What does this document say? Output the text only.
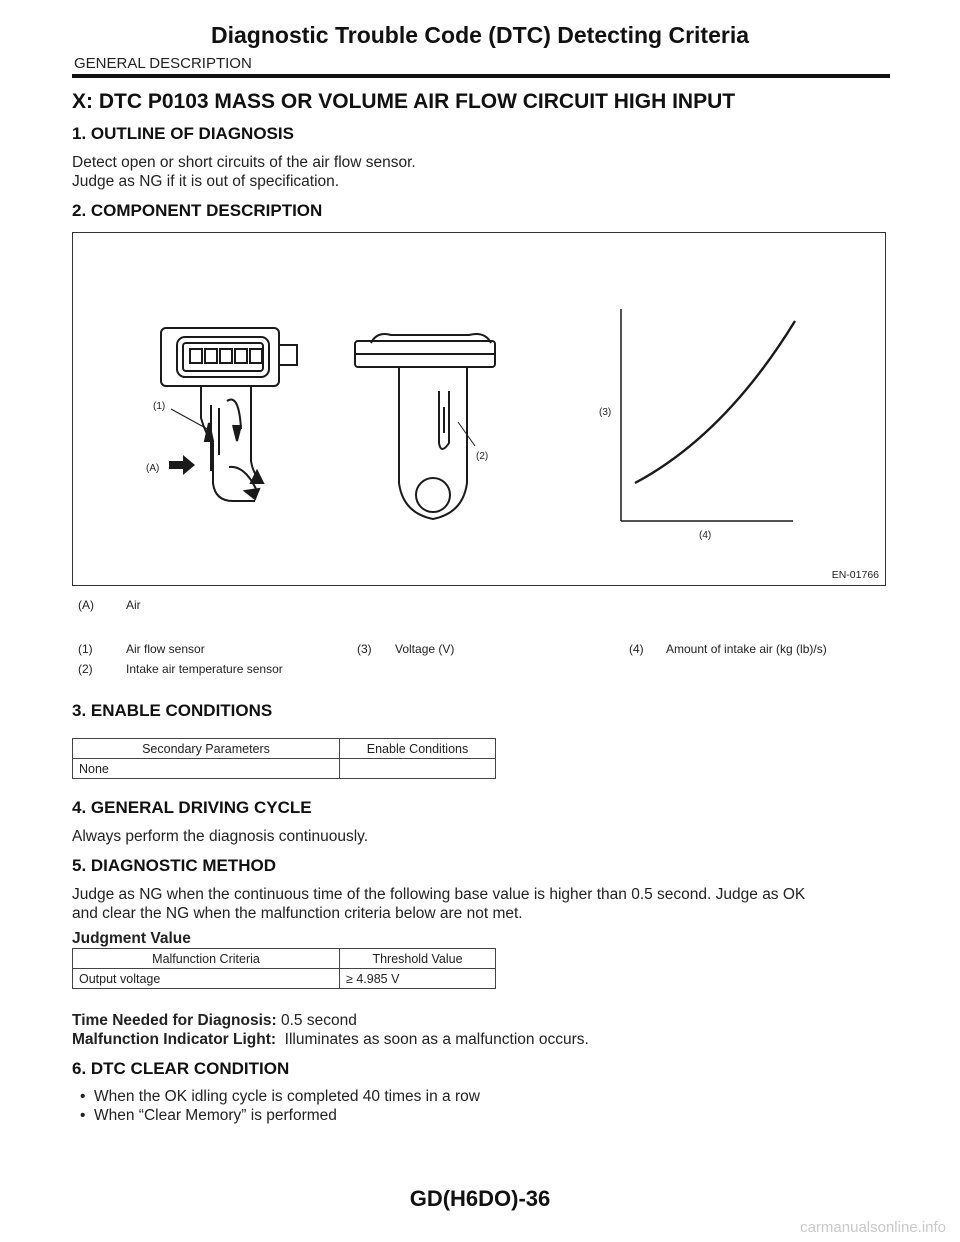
Diagnostic Trouble Code (DTC) Detecting Criteria
GENERAL DESCRIPTION
X: DTC P0103 MASS OR VOLUME AIR FLOW CIRCUIT HIGH INPUT
1. OUTLINE OF DIAGNOSIS
Detect open or short circuits of the air flow sensor.
Judge as NG if it is out of specification.
2. COMPONENT DESCRIPTION
(1)
(A)
(2)
(3)
(4)
EN-01766
(A)	Air
(1)	Air flow sensor	(3) Voltage (V)	(4) Amount of intake air (kg (lb)/s)
(2)	Intake air temperature sensor
3. ENABLE CONDITIONS
Secondary Parameters	Enable Conditions
None	
4. GENERAL DRIVING CYCLE
Always perform the diagnosis continuously.
5. DIAGNOSTIC METHOD
Judge as NG when the continuous time of the following base value is higher than 0.5 second. Judge as OK
and clear the NG when the malfunction criteria below are not met.
Judgment Value
Malfunction Criteria	Threshold Value
Output voltage	≥ 4.985 V
Time Needed for Diagnosis: 0.5 second
Malfunction Indicator Light:  Illuminates as soon as a malfunction occurs.
6. DTC CLEAR CONDITION
• When the OK idling cycle is completed 40 times in a row
• When “Clear Memory” is performed
GD(H6DO)-36
carmanualsonline.info
